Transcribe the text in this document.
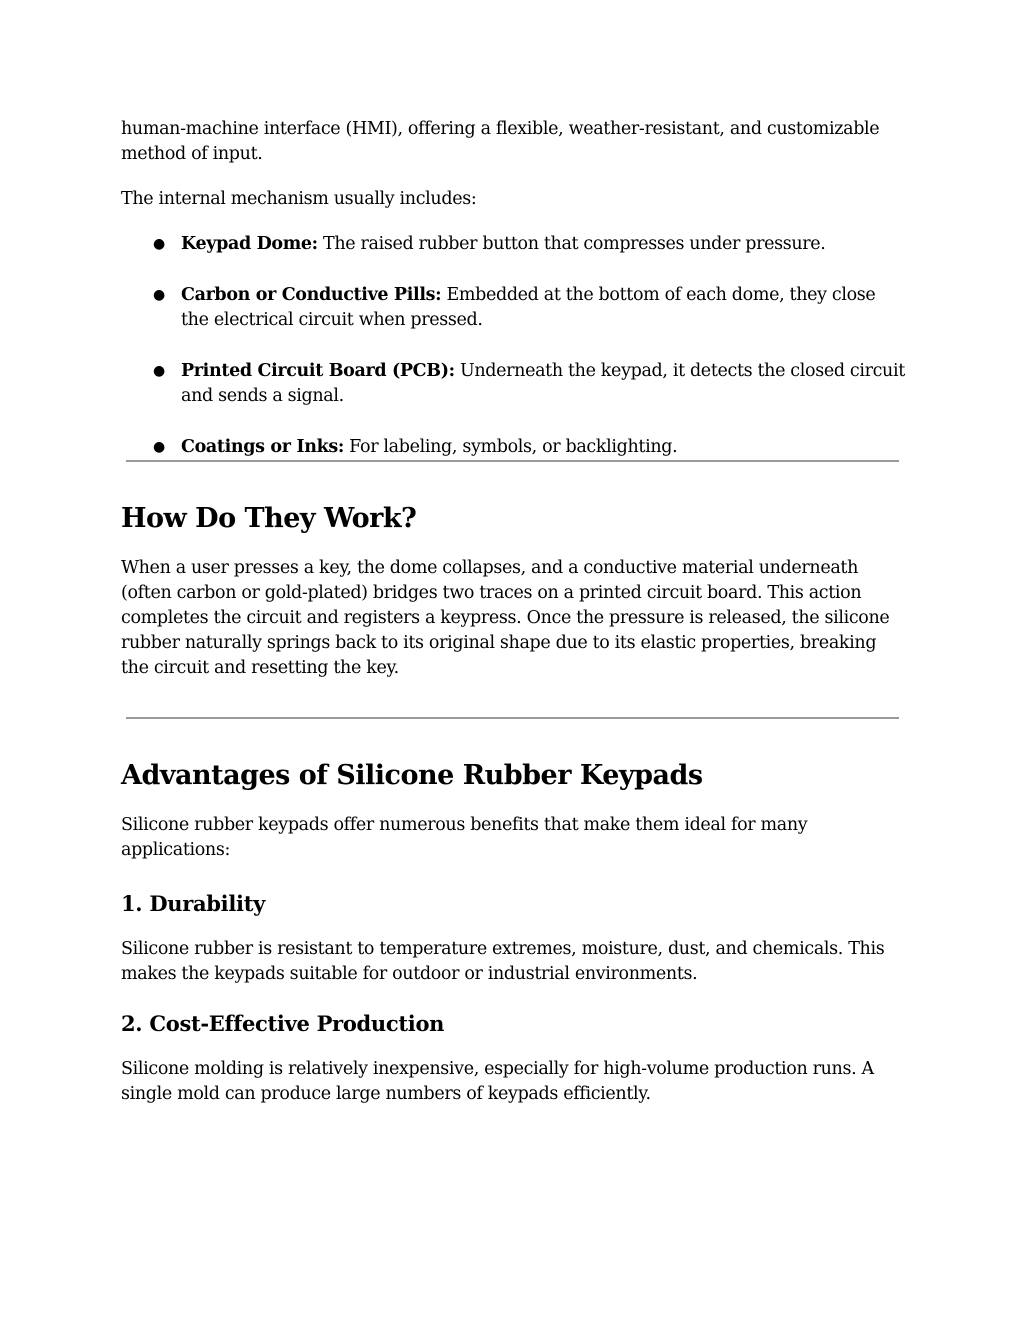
human-machine interface (HMI), offering a flexible, weather-resistant, and customizable method of input.

The internal mechanism usually includes:

● Keypad Dome: The raised rubber button that compresses under pressure.
● Carbon or Conductive Pills: Embedded at the bottom of each dome, they close the electrical circuit when pressed.
● Printed Circuit Board (PCB): Underneath the keypad, it detects the closed circuit and sends a signal.
● Coatings or Inks: For labeling, symbols, or backlighting.
How Do They Work?

When a user presses a key, the dome collapses, and a conductive material underneath (often carbon or gold-plated) bridges two traces on a printed circuit board. This action completes the circuit and registers a keypress. Once the pressure is released, the silicone rubber naturally springs back to its original shape due to its elastic properties, breaking the circuit and resetting the key.

Advantages of Silicone Rubber Keypads

Silicone rubber keypads offer numerous benefits that make them ideal for many applications:

1. Durability

Silicone rubber is resistant to temperature extremes, moisture, dust, and chemicals. This makes the keypads suitable for outdoor or industrial environments.

2. Cost-Effective Production

Silicone molding is relatively inexpensive, especially for high-volume production runs. A single mold can produce large numbers of keypads efficiently.
